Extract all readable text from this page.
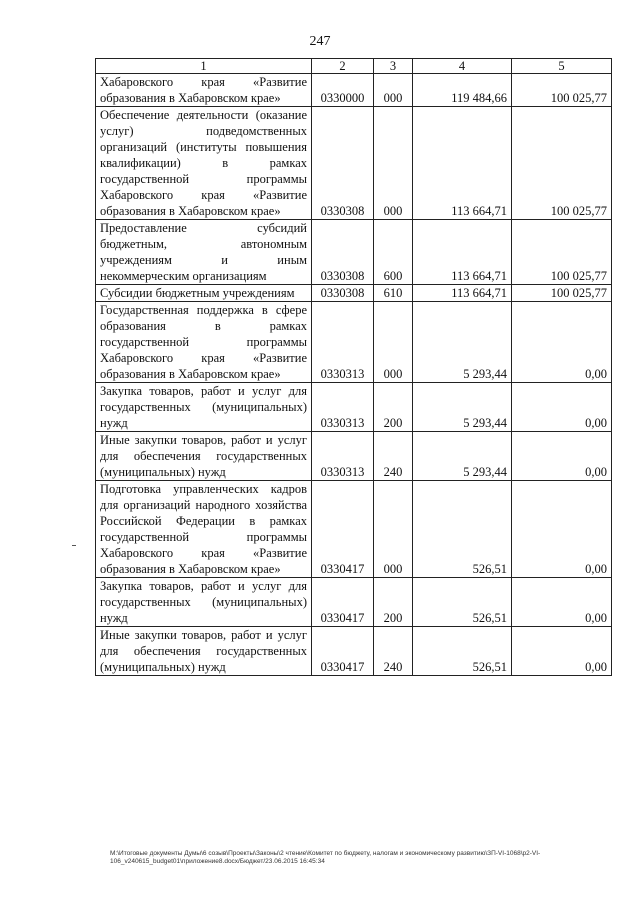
247
1	2	3	4	5
Хабаровского края «Развитие образования в Хабаровском крае»	0330000	000	119 484,66	100 025,77
Обеспечение деятельности (оказание услуг) подведомственных организаций (институты повышения квалификации) в рамках государственной программы Хабаровского края «Развитие образования в Хабаровском крае»	0330308	000	113 664,71	100 025,77
Предоставление субсидий бюджетным, автономным учреждениям и иным некоммерческим организациям	0330308	600	113 664,71	100 025,77
Субсидии бюджетным учреждениям	0330308	610	113 664,71	100 025,77
Государственная поддержка в сфере образования в рамках государственной программы Хабаровского края «Развитие образования в Хабаровском крае»	0330313	000	5 293,44	0,00
Закупка товаров, работ и услуг для государственных (муниципальных) нужд	0330313	200	5 293,44	0,00
Иные закупки товаров, работ и услуг для обеспечения государственных (муниципальных) нужд	0330313	240	5 293,44	0,00
Подготовка управленческих кадров для организаций народного хозяйства Российской Федерации в рамках государственной программы Хабаровского края «Развитие образования в Хабаровском крае»	0330417	000	526,51	0,00
Закупка товаров, работ и услуг для государственных (муниципальных) нужд	0330417	200	526,51	0,00
Иные закупки товаров, работ и услуг для обеспечения государственных (муниципальных) нужд	0330417	240	526,51	0,00
M:\Итоговые документы Думы\6 созыв\Проекты\Законы\2 чтение\Комитет по бюджету, налогам и экономическому развитию\ЗП-VI-1068\р2-VI-106_v240615_budget01\приложение8.docx/Бюджет/23.06.2015 16:45:34
